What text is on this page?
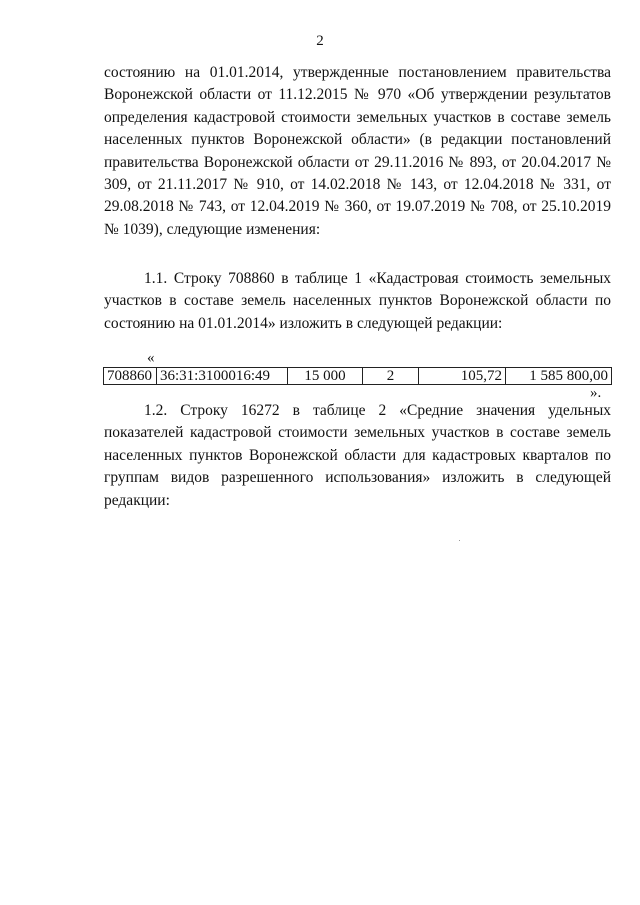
2

состоянию на 01.01.2014, утвержденные постановлением правительства Воронежской области от 11.12.2015 № 970 «Об утверждении результатов определения кадастровой стоимости земельных участков в составе земель населенных пунктов Воронежской области» (в редакции постановлений правительства Воронежской области от 29.11.2016 № 893, от 20.04.2017 № 309, от 21.11.2017 № 910, от 14.02.2018 № 143, от 12.04.2018 № 331, от 29.08.2018 № 743, от 12.04.2019 № 360, от 19.07.2019 № 708, от 25.10.2019 № 1039), следующие изменения:

1.1. Строку 708860 в таблице 1 «Кадастровая стоимость земельных участков в составе земель населенных пунктов Воронежской области по состоянию на 01.01.2014» изложить в следующей редакции:

«
708860	36:31:3100016:49	15 000	2	105,72	1 585 800,00
».

1.2. Строку 16272 в таблице 2 «Средние значения удельных показателей кадастровой стоимости земельных участков в составе земель населенных пунктов Воронежской области для кадастровых кварталов по группам видов разрешенного использования» изложить в следующей редакции:
